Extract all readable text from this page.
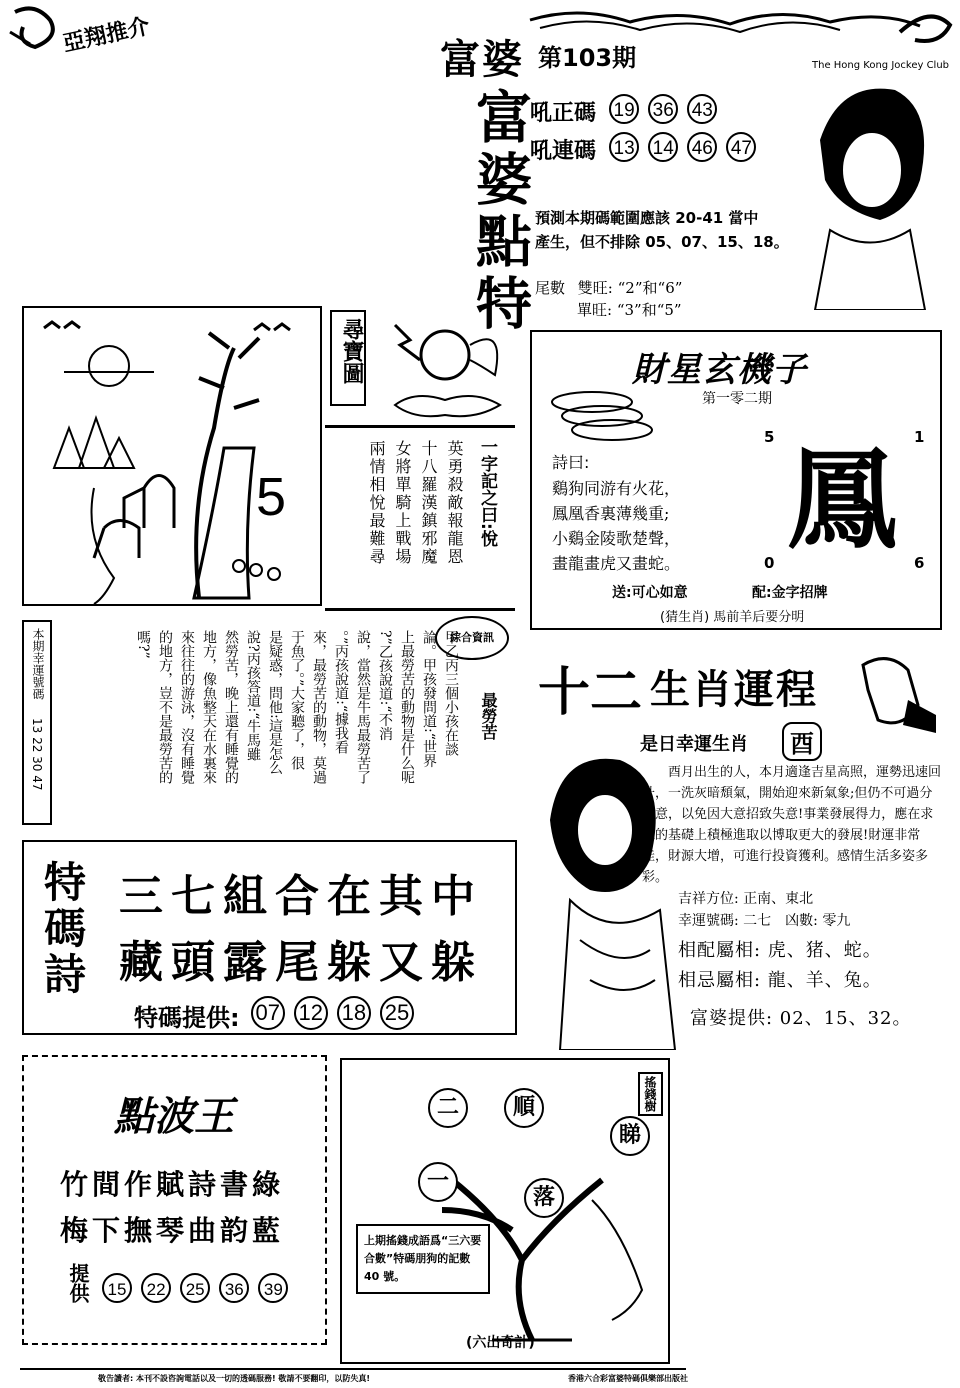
亞翔推介
富婆 第103期	The Hong Kong Jockey Club
富婆點特
吼正碼 19 36 43
吼連碼 13 14 46 47
預測本期碼範圍應該 20-41 當中
產生，但不排除 05、07、15、18。
尾數 雙旺: “2”和“6”
單旺: “3”和“5”
5
尋寶圖
一字記之曰:悅
英勇殺敵報龍恩
十八羅漢鎮邪魔
女將單騎上戰場
兩情相悅最難尋
財星玄機子
第一零二期
5	1
0	6
鳳
詩曰:
鷄狗同游有火花，
鳳凰香裏薄幾重;
小鷄金陵歌楚聲，
畫龍畫虎又畫蛇。
送:可心如意	配:金字招牌
(猜生肖) 馬前羊后要分明
本期幸運號碼
13 22 30 47
綜合資訊
最勞苦
甲乙丙三個小孩在談
論。甲孩發問道:“世界
上最勞苦的動物是什么呢
?”乙孩說道:“不消
說，當然是牛馬最勞苦了
。”丙孩說道:“據我看
來，最勞苦的動物，莫過
于魚了。”大家聽了，很
是疑惑，問他:這是怎么
說?丙孩答道:“牛馬雖
然勞苦，晚上還有睡覺的
地方，像魚整天在水裏來
來往往的游泳，沒有睡覺
的地方，豈不是最勞苦的
嗎?”
十二 生肖運程
是日幸運生肖	酉
酉月出生的人，本月適逢吉星高照，運勢迅速回升，一洗灰暗頹氣，開始迎來新氣象;但仍不可過分大意，以免因大意招致失意!事業發展得力，應在求穩的基礎上積極進取以博取更大的發展!財運非常佳，財源大增，可進行投資獲利。感情生活多姿多彩。
吉祥方位: 正南、東北
幸運號碼: 二七　凶數: 零九
相配屬相: 虎、猪、蛇。
相忌屬相: 龍、羊、兔。
富婆提供: 02、15、32。
特碼詩 三七組合在其中
藏頭露尾躲又躲
特碼提供: 07 12 18 25
點波王
竹間作賦詩書綠
梅下撫琴曲韵藍
提供	15 22 25 36 39
搖錢樹
二	順
睇
一
落
上期搖錢成語爲“三六要合數”特碼朋狗的記數 40 號。
(六出奇計)
敬告讀者: 本刊不設咨詢電話以及一切的透碼服務! 敬請不要翻印，以防失真!	香港六合彩富婆特碼俱樂部出版社
